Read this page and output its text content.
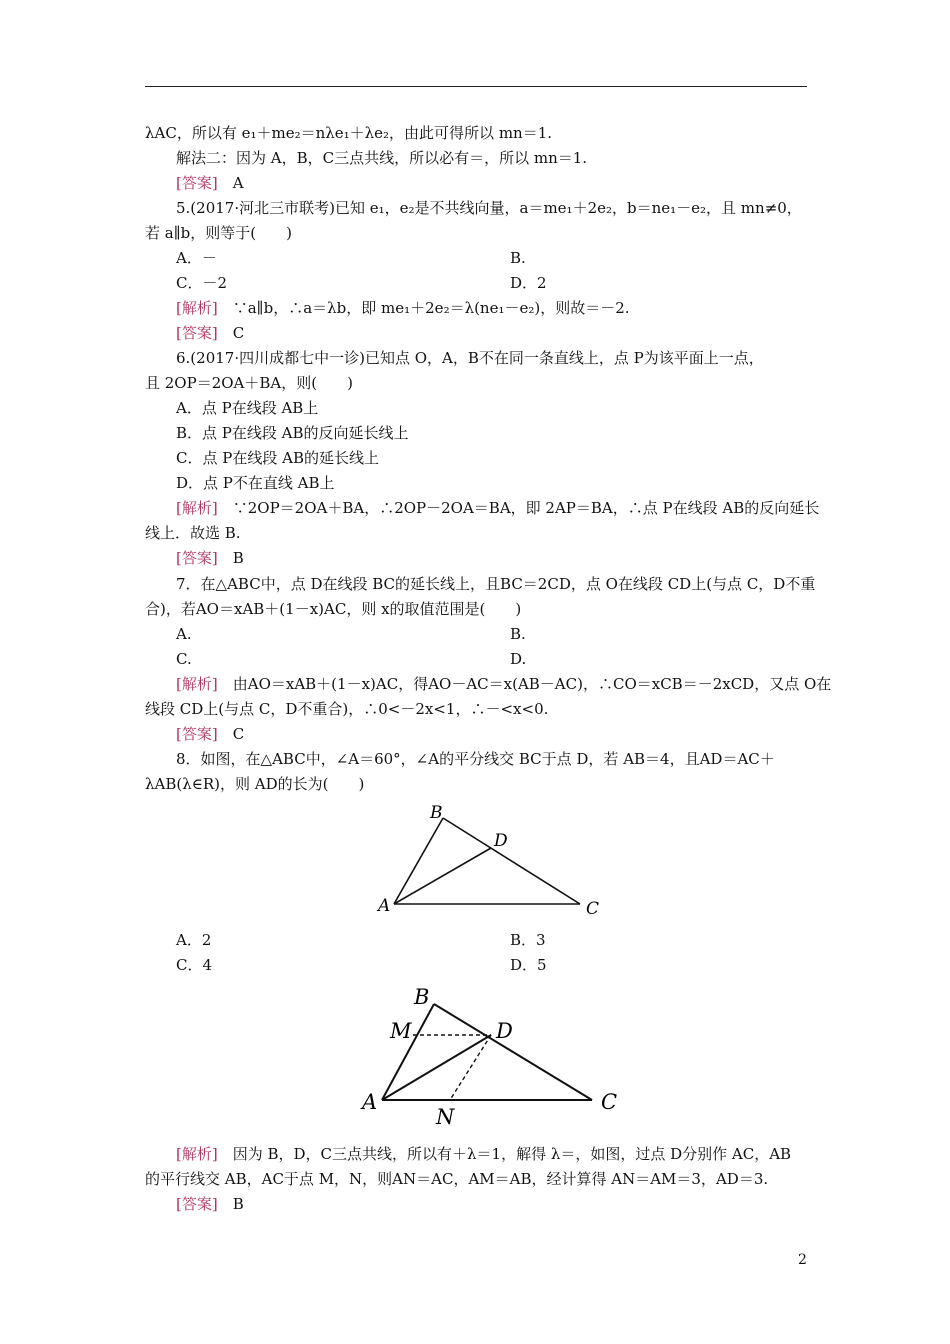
λAC，所以有 e₁＋me₂＝nλe₁＋λe₂，由此可得所以 mn＝1.
解法二：因为 A，B，C三点共线，所以必有＝，所以 mn＝1.
[答案]　 A
5.(2017·河北三市联考)已知 e₁，e₂是不共线向量，a＝me₁＋2e₂，b＝ne₁－e₂，且 mn≠0，
若 a∥b，则等于(　　)
A．－	B.
C．－2	D．2
[解析]　 ∵a∥b，∴a＝λb，即 me₁＋2e₂＝λ(ne₁－e₂)，则故＝－2.
[答案]　 C
6.(2017·四川成都七中一诊)已知点 O，A，B不在同一条直线上，点 P为该平面上一点，
且 2OP＝2OA＋BA，则(　　)
A．点 P在线段 AB上
B．点 P在线段 AB的反向延长线上
C．点 P在线段 AB的延长线上
D．点 P不在直线 AB上
[解析]　 ∵2OP＝2OA＋BA，∴2OP－2OA＝BA，即 2AP＝BA，∴点 P在线段 AB的反向延长
线上．故选 B.
[答案]　 B
7．在△ABC中，点 D在线段 BC的延长线上，且BC＝2CD，点 O在线段 CD上(与点 C，D不重
合)，若AO＝xAB＋(1－x)AC，则 x的取值范围是(　　)
A.	B.
C.	D.
[解析]　 由AO＝xAB＋(1－x)AC，得AO－AC＝x(AB－AC)，∴CO＝xCB＝－2xCD，又点 O在
线段 CD上(与点 C，D不重合)，∴0<－2x<1，∴－<x<0.
[答案]　 C
8．如图，在△ABC中，∠A＝60°，∠A的平分线交 BC于点 D，若 AB＝4，且AD＝AC＋
λAB(λ∈R)，则 AD的长为(　　)
B
D
A	C
A．2	B．3
C．4	D．5
B
M	D
A
N
C
[解析]　 因为 B，D，C三点共线，所以有＋λ＝1，解得 λ＝，如图，过点 D分别作 AC，AB
的平行线交 AB，AC于点 M，N，则AN＝AC，AM＝AB，经计算得 AN＝AM＝3，AD＝3.
[答案]　 B
2
